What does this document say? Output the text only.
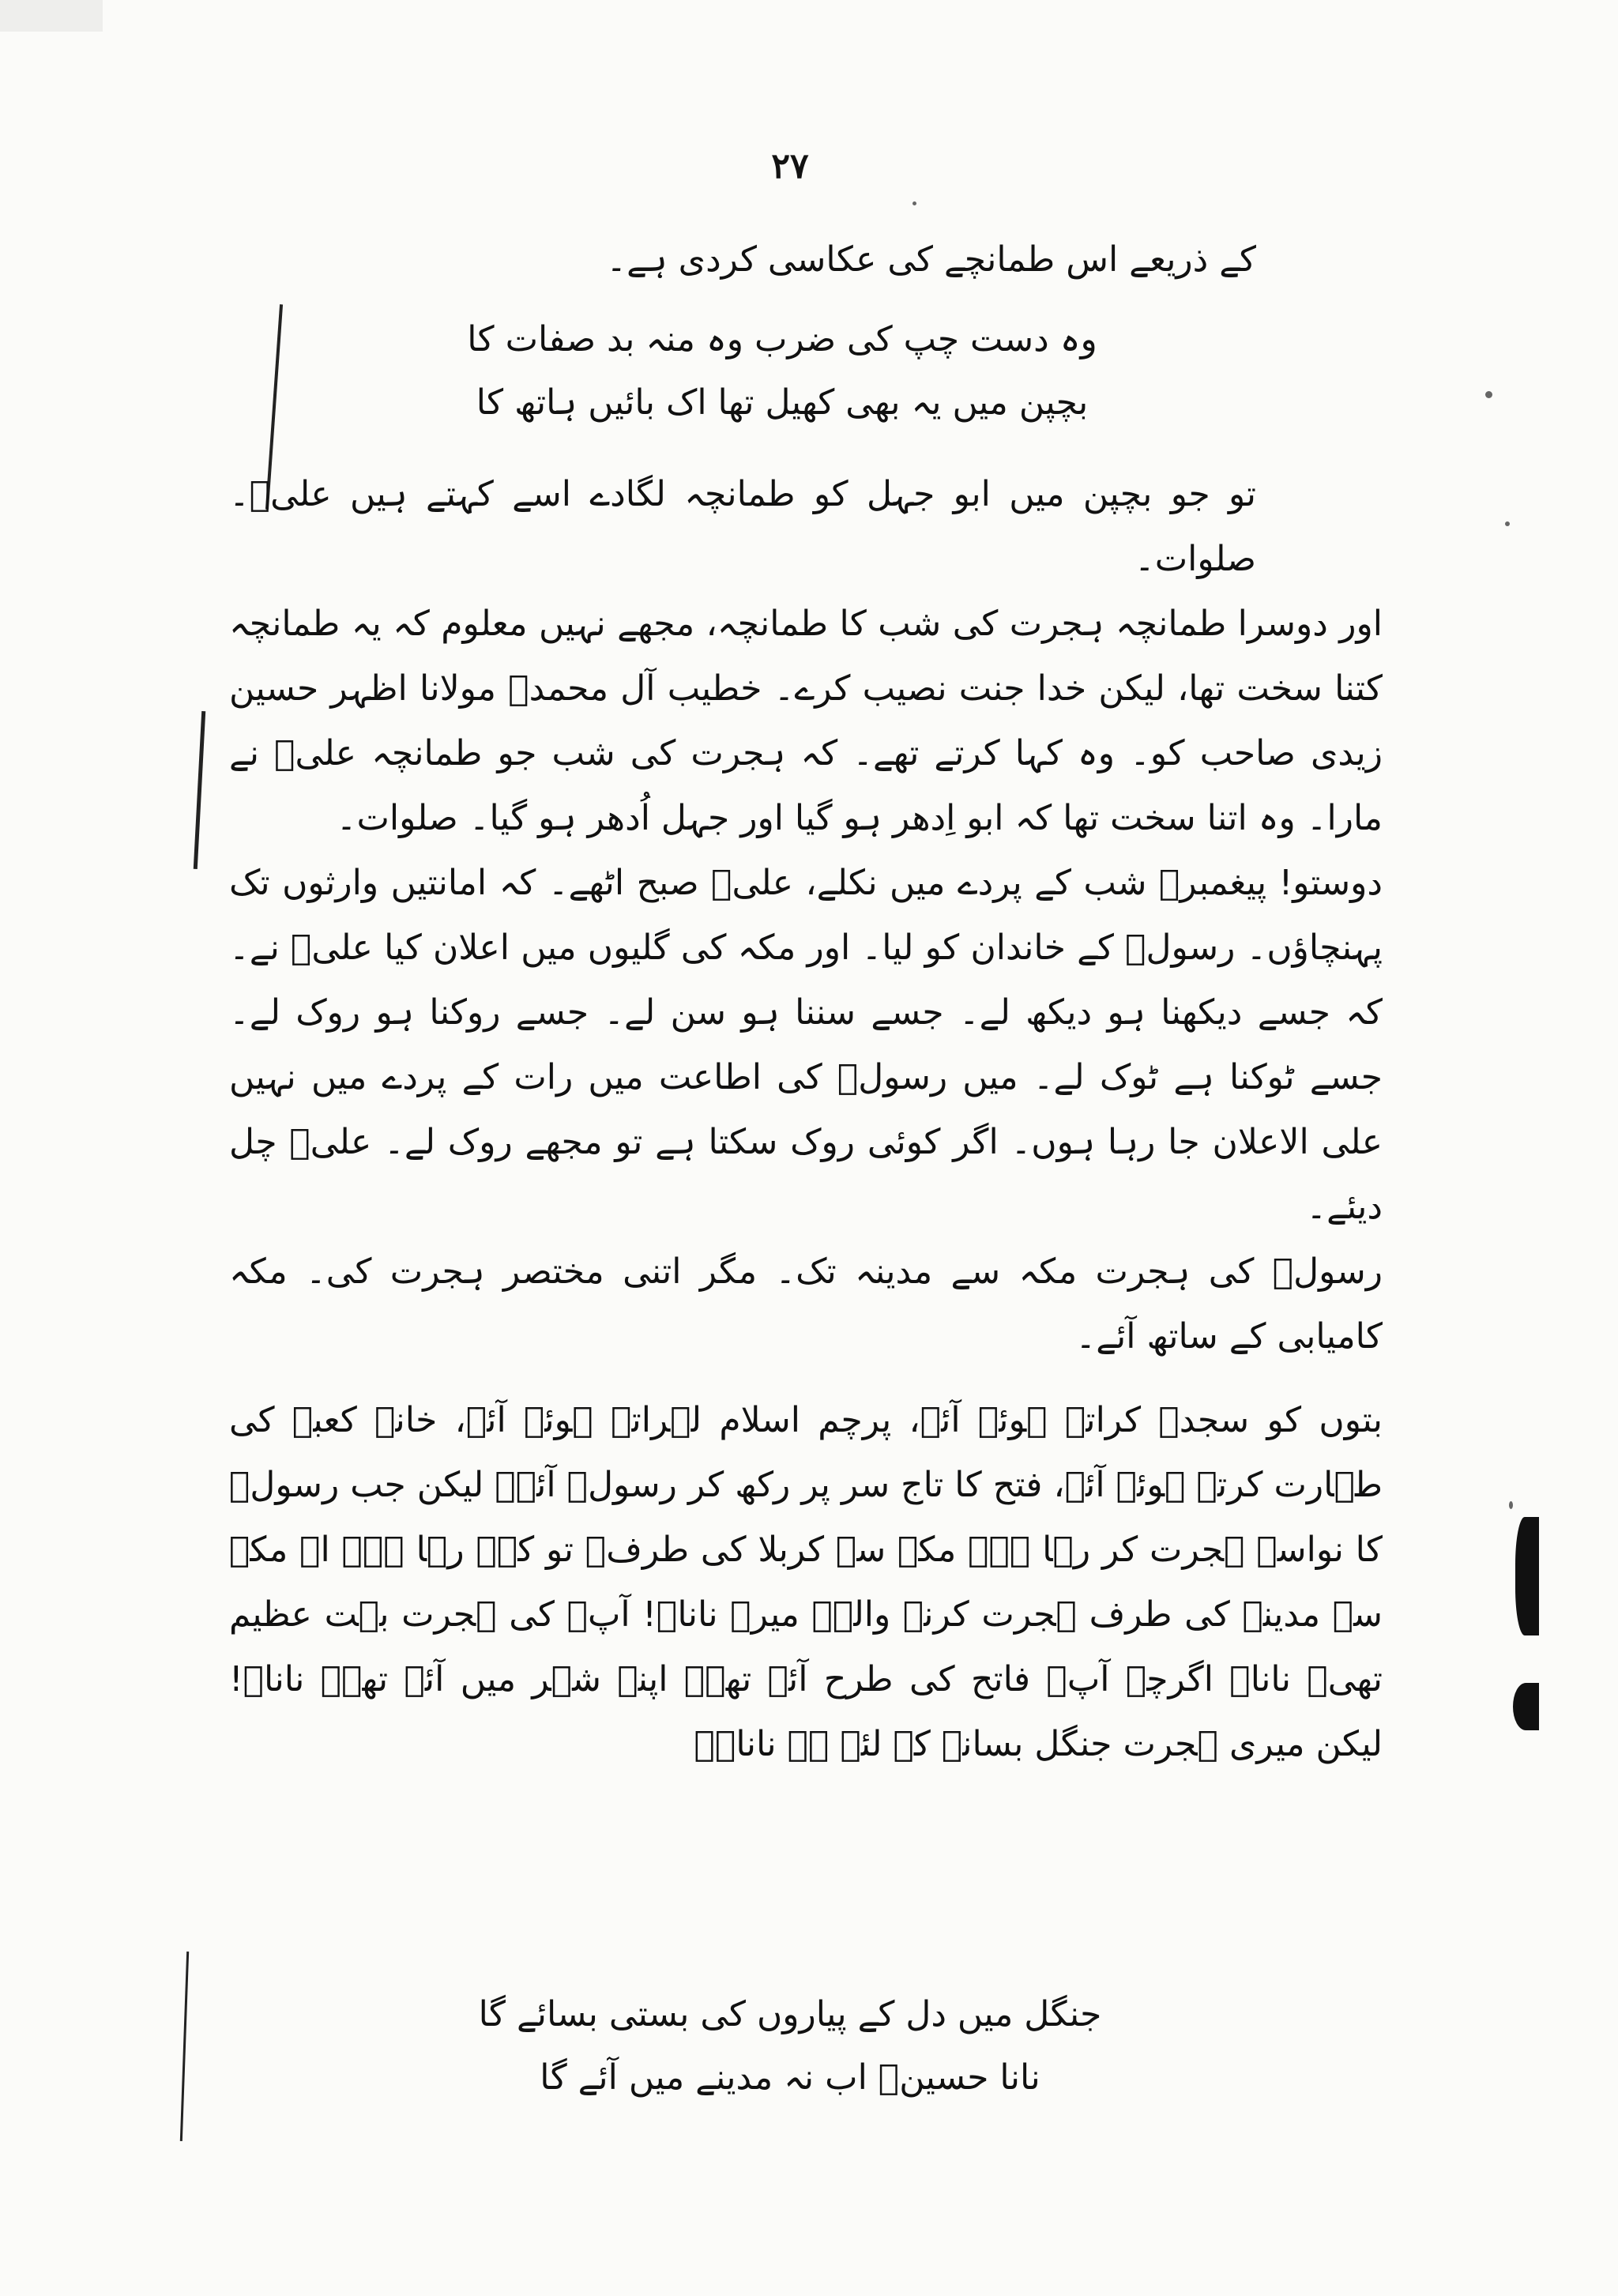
۲۷

کے ذریعے اس طمانچے کی عکاسی کردی ہے۔

وہ دست چپ کی ضرب وہ منہ بد صفات کا
بچپن میں یہ بھی کھیل تھا اک بائیں ہاتھ کا

تو جو بچپن میں ابو جہل کو طمانچہ لگادے اسے کہتے ہیں علیؑ۔ صلوات۔

اور دوسرا طمانچہ ہجرت کی شب کا طمانچہ، مجھے نہیں معلوم کہ یہ طمانچہ کتنا سخت تھا، لیکن خدا جنت نصیب کرے۔ خطیب آل محمدؐ مولانا اظہر حسین زیدی صاحب کو۔ وہ کہا کرتے تھے۔ کہ ہجرت کی شب جو طمانچہ علیؑ نے مارا۔ وہ اتنا سخت تھا کہ ابو اِدھر ہو گیا اور جہل اُدھر ہو گیا۔ صلوات۔

دوستو! پیغمبرؐ شب کے پردے میں نکلے، علیؑ صبح اٹھے۔ کہ امانتیں وارثوں تک پہنچاؤں۔ رسولؐ کے خاندان کو لیا۔ اور مکہ کی گلیوں میں اعلان کیا علیؑ نے۔ کہ جسے دیکھنا ہو دیکھ لے۔ جسے سننا ہو سن لے۔ جسے روکنا ہو روک لے۔ جسے ٹوکنا ہے ٹوک لے۔ میں رسولؐ کی اطاعت میں رات کے پردے میں نہیں علی الاعلان جا رہا ہوں۔ اگر کوئی روک سکتا ہے تو مجھے روک لے۔ علیؑ چل دیئے۔

رسولؐ کی ہجرت مکہ سے مدینہ تک۔ مگر اتنی مختصر ہجرت کی۔ مکہ کامیابی کے ساتھ آئے۔

بتوں کو سجدہ کراتے ہوئے آئے، پرچم اسلام لہراتے ہوئے آئے، خانہ کعبہ کی طہارت کرتے ہوئے آئے، فتح کا تاج سر پر رکھ کر رسولؐ آئے۔ لیکن جب رسولؐ کا نواسہ ہجرت کر رہا ہے۔ مکہ سے کربلا کی طرف۔ تو کہہ رہا ہے۔ اے مکہ سے مدینہ کی طرف ہجرت کرنے والے۔ میرے ناناؐ! آپؐ کی ہجرت بہت عظیم تھی۔ ناناؐ اگرچہ آپؐ فاتح کی طرح آئے تھے۔ اپنے شہر میں آئے تھے۔ ناناؐ! لیکن میری ہجرت جنگل بسانے کے لئے ہے ناناؐ۔

جنگل میں دل کے پیاروں کی بستی بسائے گا
نانا حسینؑ اب نہ مدینے میں آئے گا
